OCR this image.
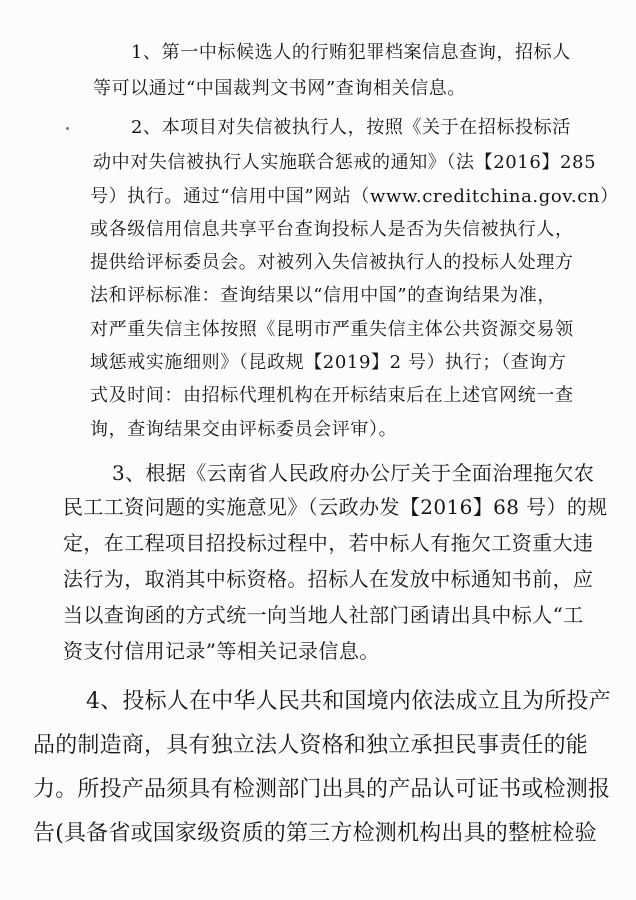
1、第一中标候选人的行贿犯罪档案信息查询，招标人

等可以通过“中国裁判文书网”查询相关信息。

2、本项目对失信被执行人，按照《关于在招标投标活

动中对失信被执行人实施联合惩戒的通知》（法【2016】285

号）执行。通过“信用中国”网站（www.creditchina.gov.cn）

或各级信用信息共享平台查询投标人是否为失信被执行人，

提供给评标委员会。对被列入失信被执行人的投标人处理方

法和评标标准：查询结果以“信用中国”的查询结果为准，

对严重失信主体按照《昆明市严重失信主体公共资源交易领

域惩戒实施细则》（昆政规【2019】2 号）执行；（查询方

式及时间：由招标代理机构在开标结束后在上述官网统一查

询，查询结果交由评标委员会评审）。

3、根据《云南省人民政府办公厅关于全面治理拖欠农

民工工资问题的实施意见》（云政办发【2016】68 号）的规

定，在工程项目招投标过程中，若中标人有拖欠工资重大违

法行为，取消其中标资格。招标人在发放中标通知书前，应

当以查询函的方式统一向当地人社部门函请出具中标人“工

资支付信用记录”等相关记录信息。

4、投标人在中华人民共和国境内依法成立且为所投产

品的制造商，具有独立法人资格和独立承担民事责任的能

力。所投产品须具有检测部门出具的产品认可证书或检测报

告(具备省或国家级资质的第三方检测机构出具的整桩检验
